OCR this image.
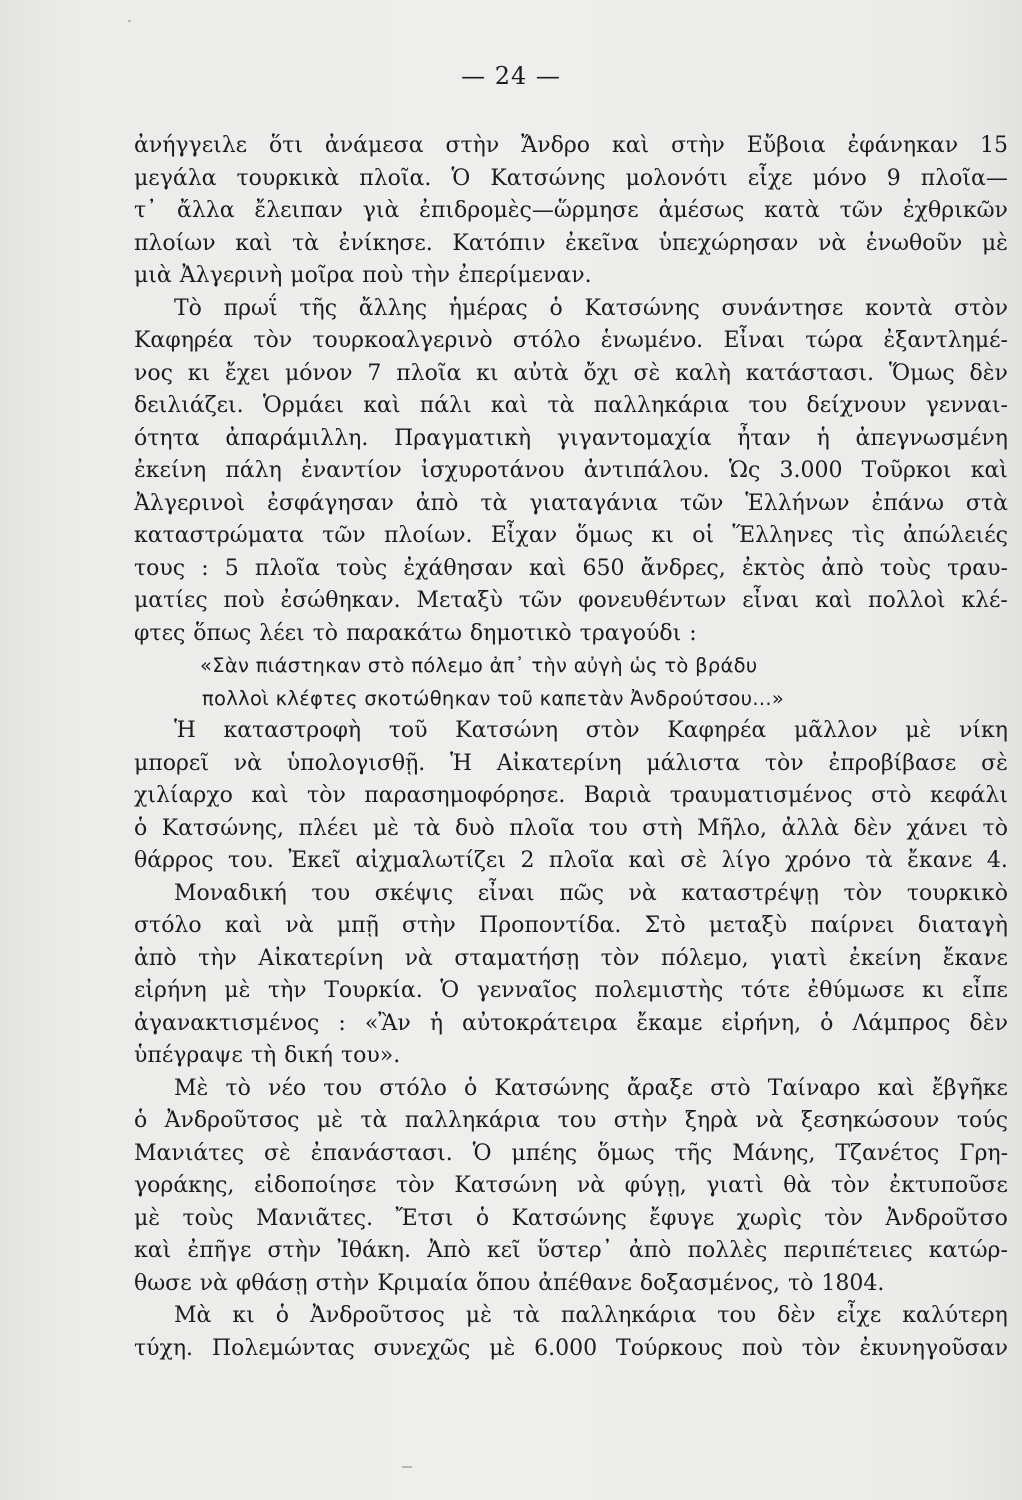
— 24 —
ἀνήγγειλε ὅτι ἀνάμεσα στὴν Ἄνδρο καὶ στὴν Εὔβοια ἐφάνηκαν 15
μεγάλα τουρκικὰ πλοῖα. Ὁ Κατσώνης μολονότι εἶχε μόνο 9 πλοῖα—
τ᾿ ἄλλα ἔλειπαν γιὰ ἐπιδρομὲς—ὥρμησε ἀμέσως κατὰ τῶν ἐχθρικῶν
πλοίων καὶ τὰ ἐνίκησε. Κατόπιν ἐκεῖνα ὑπεχώρησαν νὰ ἑνωθοῦν μὲ
μιὰ Ἀλγερινὴ μοῖρα ποὺ τὴν ἐπερίμεναν.
Τὸ πρωΐ τῆς ἄλλης ἡμέρας ὁ Κατσώνης συνάντησε κοντὰ στὸν
Καφηρέα τὸν τουρκοαλγερινὸ στόλο ἑνωμένο. Εἶναι τώρα ἐξαντλημέ-
νος κι ἔχει μόνον 7 πλοῖα κι αὐτὰ ὄχι σὲ καλὴ κατάστασι. Ὅμως δὲν
δειλιάζει. Ὁρμάει καὶ πάλι καὶ τὰ παλληκάρια του δείχνουν γενναι-
ότητα ἀπαράμιλλη. Πραγματικὴ γιγαντομαχία ἦταν ἡ ἀπεγνωσμένη
ἐκείνη πάλη ἐναντίον ἰσχυροτάνου ἀντιπάλου. Ὡς 3.000 Τοῦρκοι καὶ
Ἀλγερινοὶ ἐσφάγησαν ἀπὸ τὰ γιαταγάνια τῶν Ἑλλήνων ἐπάνω στὰ
καταστρώματα τῶν πλοίων. Εἶχαν ὅμως κι οἱ Ἕλληνες τὶς ἀπώλειές
τους : 5 πλοῖα τοὺς ἐχάθησαν καὶ 650 ἄνδρες, ἐκτὸς ἀπὸ τοὺς τραυ-
ματίες ποὺ ἐσώθηκαν. Μεταξὺ τῶν φονευθέντων εἶναι καὶ πολλοὶ κλέ-
φτες ὅπως λέει τὸ παρακάτω δημοτικὸ τραγούδι :
«Σὰν πιάστηκαν στὸ πόλεμο ἀπ᾿ τὴν αὐγὴ ὡς τὸ βράδυ
πολλοὶ κλέφτες σκοτώθηκαν τοῦ καπετὰν Ἀνδρούτσου...»
Ἡ καταστροφὴ τοῦ Κατσώνη στὸν Καφηρέα μᾶλλον μὲ νίκη
μπορεῖ νὰ ὑπολογισθῇ. Ἡ Αἰκατερίνη μάλιστα τὸν ἐπροβίβασε σὲ
χιλίαρχο καὶ τὸν παρασημοφόρησε. Βαριὰ τραυματισμένος στὸ κεφάλι
ὁ Κατσώνης, πλέει μὲ τὰ δυὸ πλοῖα του στὴ Μῆλο, ἀλλὰ δὲν χάνει τὸ
θάρρος του. Ἐκεῖ αἰχμαλωτίζει 2 πλοῖα καὶ σὲ λίγο χρόνο τὰ ἔκανε 4.
Μοναδική του σκέψις εἶναι πῶς νὰ καταστρέψῃ τὸν τουρκικὸ
στόλο καὶ νὰ μπῇ στὴν Προποντίδα. Στὸ μεταξὺ παίρνει διαταγὴ
ἀπὸ τὴν Αἰκατερίνη νὰ σταματήσῃ τὸν πόλεμο, γιατὶ ἐκείνη ἔκανε
εἰρήνη μὲ τὴν Τουρκία. Ὁ γενναῖος πολεμιστὴς τότε ἐθύμωσε κι εἶπε
ἀγανακτισμένος : «Ἂν ἡ αὐτοκράτειρα ἔκαμε εἰρήνη, ὁ Λάμπρος δὲν
ὑπέγραψε τὴ δική του».
Μὲ τὸ νέο του στόλο ὁ Κατσώνης ἄραξε στὸ Ταίναρο καὶ ἔβγῆκε
ὁ Ἀνδροῦτσος μὲ τὰ παλληκάρια του στὴν ξηρὰ νὰ ξεσηκώσουν τούς
Μανιάτες σὲ ἐπανάστασι. Ὁ μπέης ὅμως τῆς Μάνης, Τζανέτος Γρη-
γοράκης, εἰδοποίησε τὸν Κατσώνη νὰ φύγῃ, γιατὶ θὰ τὸν ἐκτυποῦσε
μὲ τοὺς Μανιᾶτες. Ἔτσι ὁ Κατσώνης ἔφυγε χωρὶς τὸν Ἀνδροῦτσο
καὶ ἐπῆγε στὴν Ἰθάκη. Ἀπὸ κεῖ ὕστερ᾿ ἀπὸ πολλὲς περιπέτειες κατώρ-
θωσε νὰ φθάσῃ στὴν Κριμαία ὅπου ἀπέθανε δοξασμένος, τὸ 1804.
Μὰ κι ὁ Ἀνδροῦτσος μὲ τὰ παλληκάρια του δὲν εἶχε καλύτερη
τύχη. Πολεμώντας συνεχῶς μὲ 6.000 Τούρκους ποὺ τὸν ἐκυνηγοῦσαν
